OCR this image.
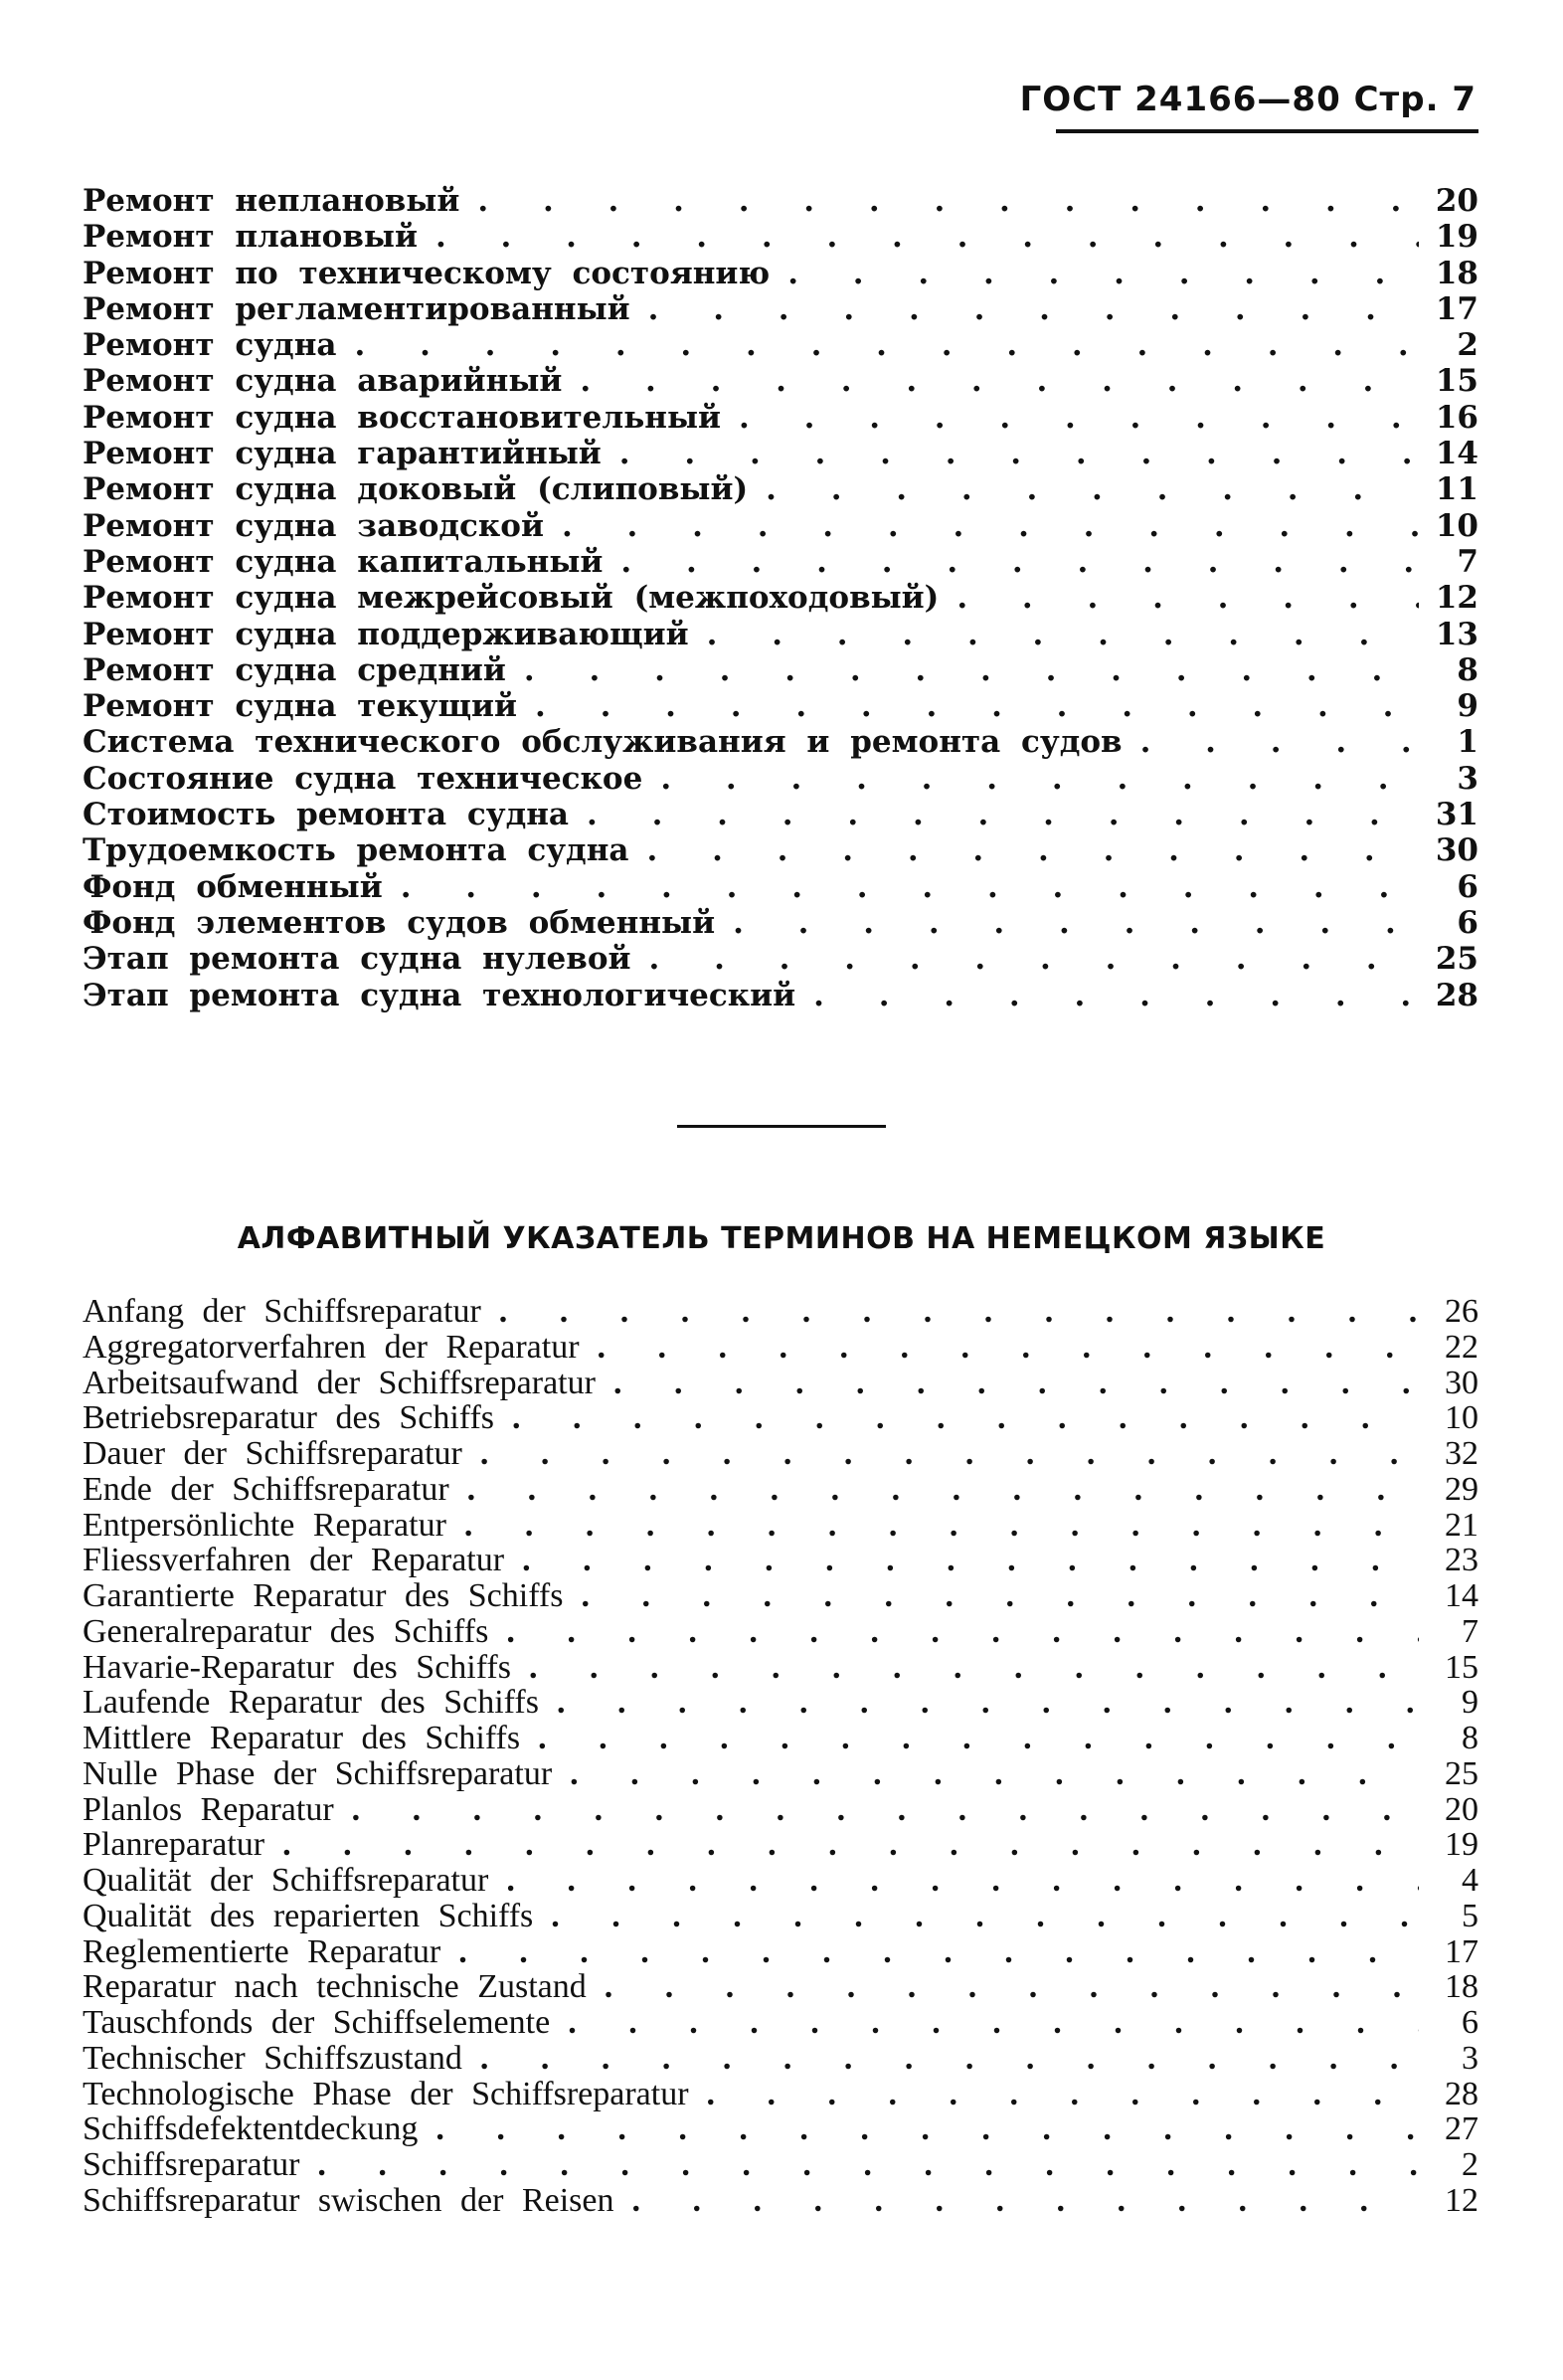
ГОСТ 24166—80 Стр. 7
Ремонт неплановый . . .	20
Ремонт плановый . . .	19
Ремонт по техническому состоянию . . .	18
Ремонт регламентированный . . .	17
Ремонт судна . . .	2
Ремонт судна аварийный . . .	15
Ремонт судна восстановительный . . .	16
Ремонт судна гарантийный . . .	14
Ремонт судна доковый (слиповый) . . .	11
Ремонт судна заводской . . .	10
Ремонт судна капитальный . . .	7
Ремонт судна межрейсовый (межпоходовый) . . .	12
Ремонт судна поддерживающий . . .	13
Ремонт судна средний . . .	8
Ремонт судна текущий . . .	9
Система технического обслуживания и ремонта судов . . .	1
Состояние судна техническое . . .	3
Стоимость ремонта судна . . .	31
Трудоемкость ремонта судна . . .	30
Фонд обменный . . .	6
Фонд элементов судов обменный . . .	6
Этап ремонта судна нулевой . . .	25
Этап ремонта судна технологический . . .	28
АЛФАВИТНЫЙ УКАЗАТЕЛЬ ТЕРМИНОВ НА НЕМЕЦКОМ ЯЗЫКЕ
Anfang der Schiffsreparatur . . .	26
Aggregatorverfahren der Reparatur . . .	22
Arbeitsaufwand der Schiffsreparatur . . .	30
Betriebsreparatur des Schiffs . . .	10
Dauer der Schiffsreparatur . . .	32
Ende der Schiffsreparatur . . .	29
Entpersönlichte Reparatur . . .	21
Fliessverfahren der Reparatur . . .	23
Garantierte Reparatur des Schiffs . . .	14
Generalreparatur des Schiffs . . .	7
Havarie-Reparatur des Schiffs . . .	15
Laufende Reparatur des Schiffs . . .	9
Mittlere Reparatur des Schiffs . . .	8
Nulle Phase der Schiffsreparatur . . .	25
Planlos Reparatur . . .	20
Planreparatur . . .	19
Qualität der Schiffsreparatur . . .	4
Qualität des reparierten Schiffs . . .	5
Reglementierte Reparatur . . .	17
Reparatur nach technische Zustand . . .	18
Tauschfonds der Schiffselemente . . .	6
Technischer Schiffszustand . . .	3
Technologische Phase der Schiffsreparatur . . .	28
Schiffsdefektentdeckung . . .	27
Schiffsreparatur . . .	2
Schiffsreparatur swischen der Reisen . . .	12
